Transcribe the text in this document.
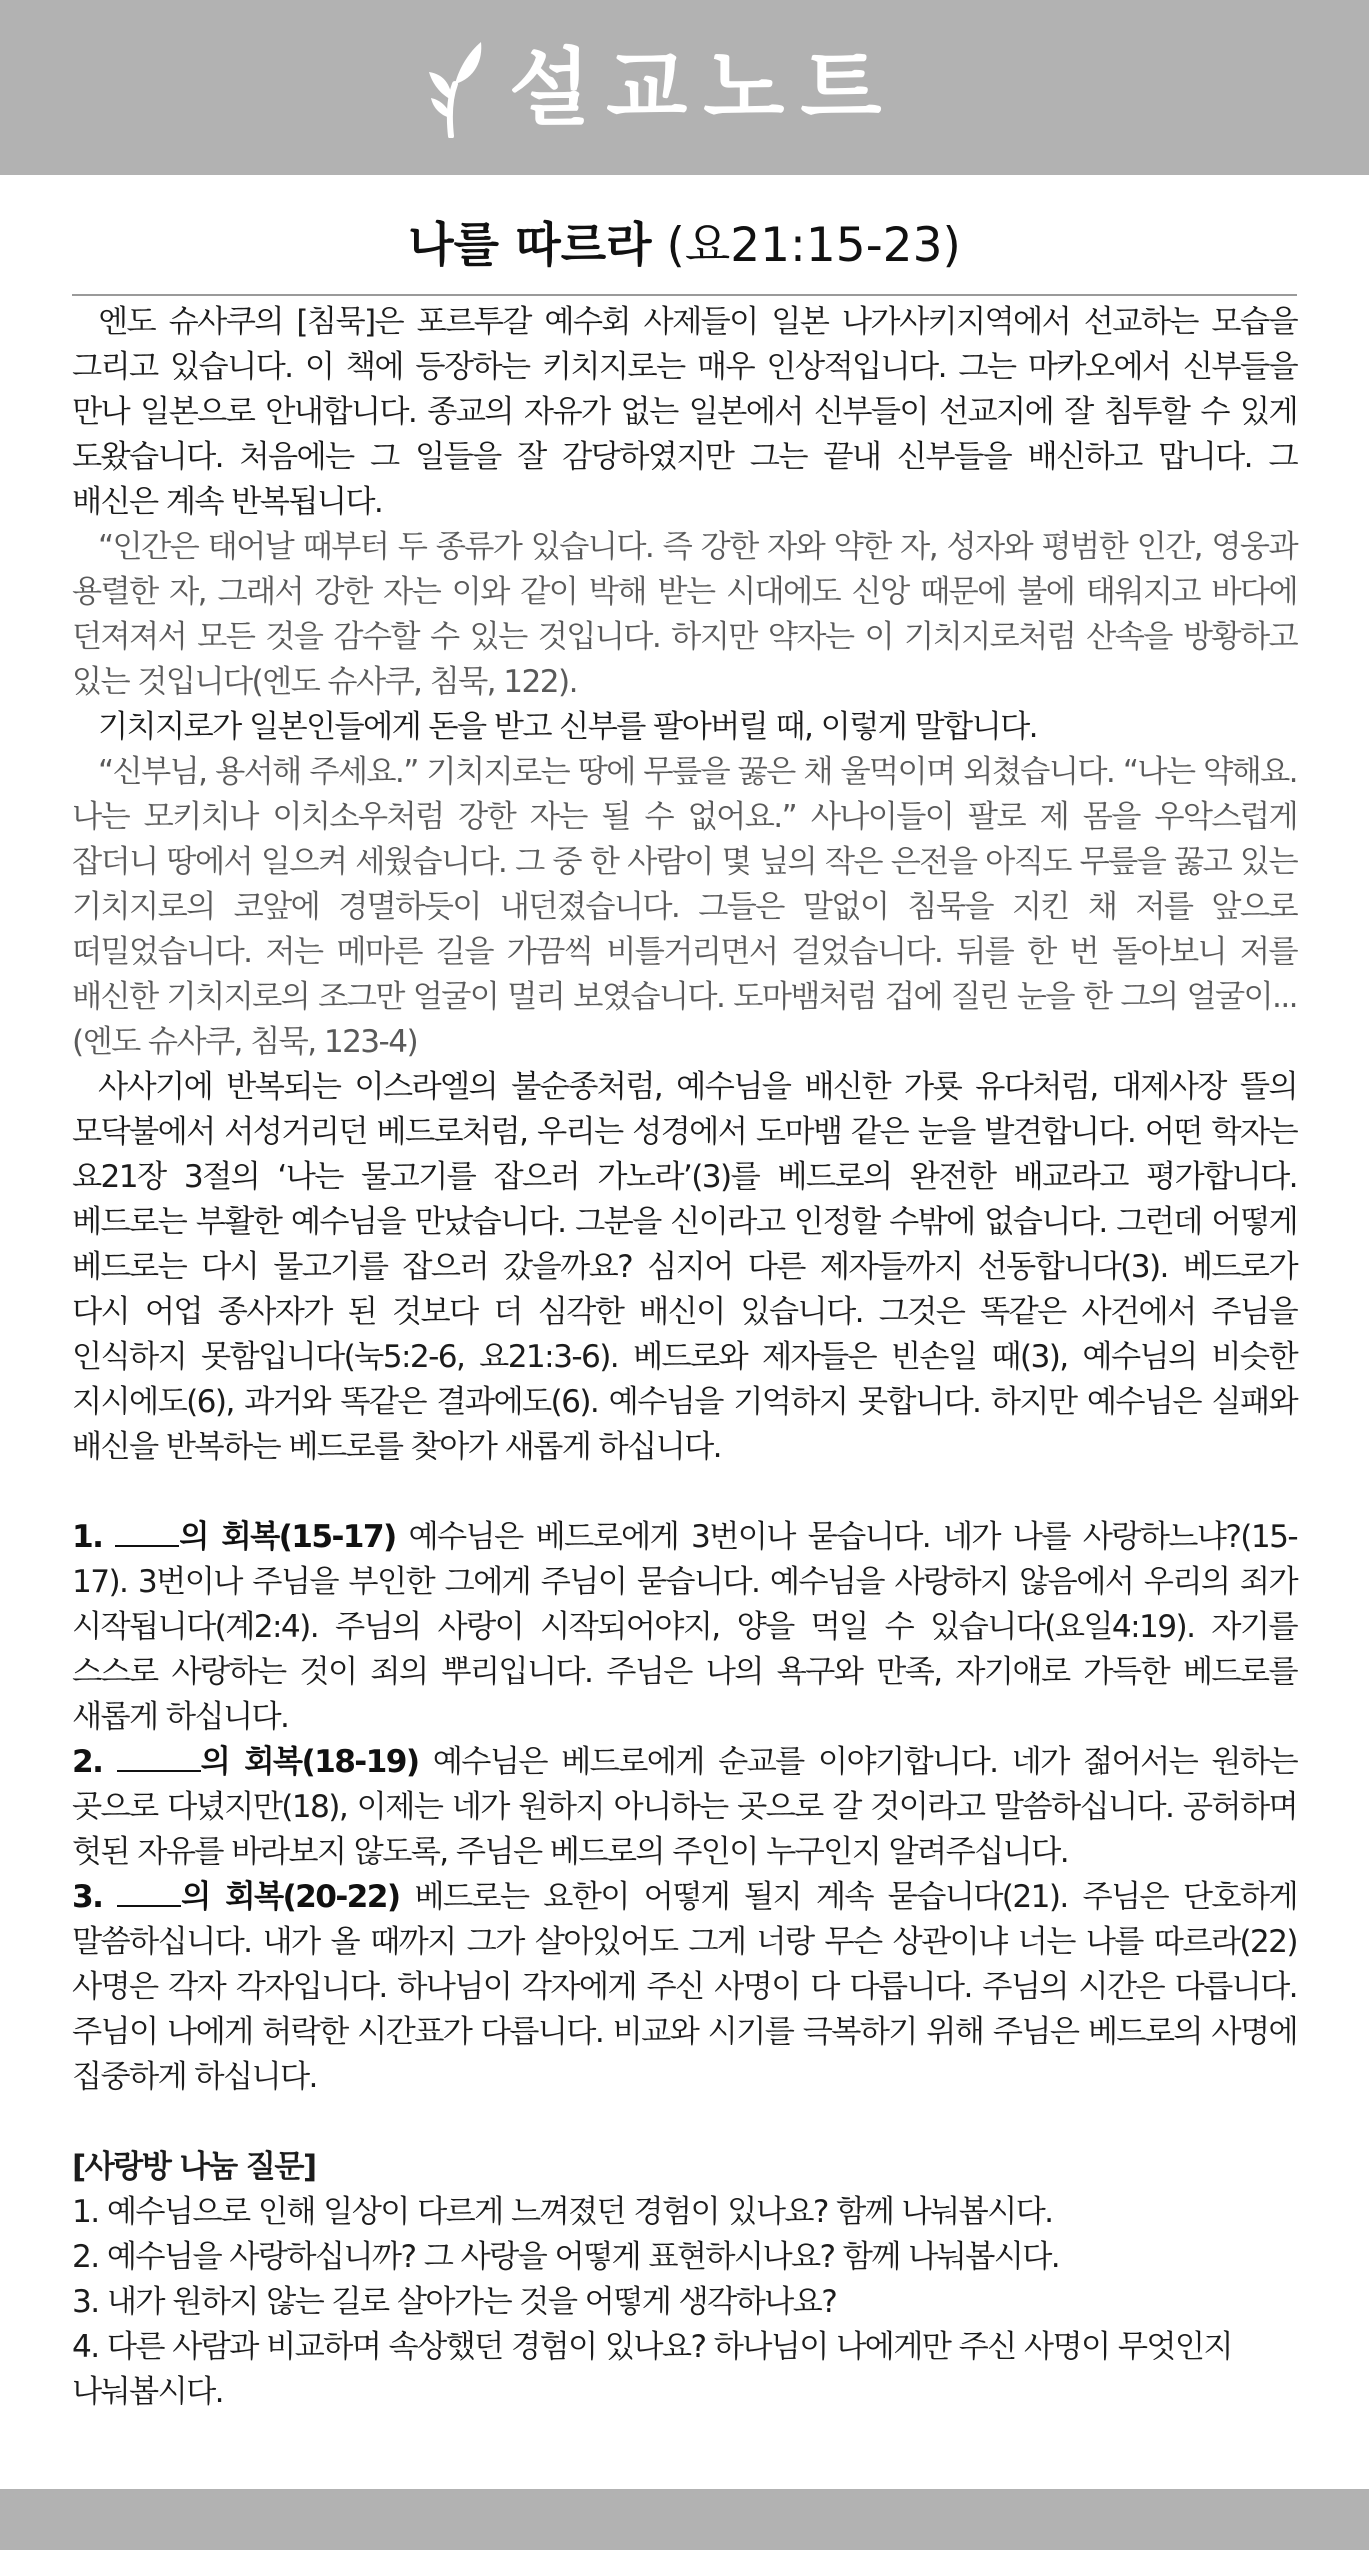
설교노트
나를 따르라 (요21:15-23)

엔도 슈사쿠의 [침묵]은 포르투갈 예수회 사제들이 일본 나가사키지역에서 선교하는 모습을 그리고 있습니다. 이 책에 등장하는 키치지로는 매우 인상적입니다. 그는 마카오에서 신부들을 만나 일본으로 안내합니다. 종교의 자유가 없는 일본에서 신부들이 선교지에 잘 침투할 수 있게 도왔습니다. 처음에는 그 일들을 잘 감당하였지만 그는 끝내 신부들을 배신하고 맙니다. 그 배신은 계속 반복됩니다.

“인간은 태어날 때부터 두 종류가 있습니다. 즉 강한 자와 약한 자, 성자와 평범한 인간, 영웅과 용렬한 자, 그래서 강한 자는 이와 같이 박해 받는 시대에도 신앙 때문에 불에 태워지고 바다에 던져져서 모든 것을 감수할 수 있는 것입니다. 하지만 약자는 이 기치지로처럼 산속을 방황하고 있는 것입니다(엔도 슈사쿠, 침묵, 122).

기치지로가 일본인들에게 돈을 받고 신부를 팔아버릴 때, 이렇게 말합니다.

“신부님, 용서해 주세요.” 기치지로는 땅에 무릎을 꿇은 채 울먹이며 외쳤습니다. “나는 약해요. 나는 모키치나 이치소우처럼 강한 자는 될 수 없어요.” 사나이들이 팔로 제 몸을 우악스럽게 잡더니 땅에서 일으켜 세웠습니다. 그 중 한 사람이 몇 닢의 작은 은전을 아직도 무릎을 꿇고 있는 기치지로의 코앞에 경멸하듯이 내던졌습니다. 그들은 말없이 침묵을 지킨 채 저를 앞으로 떠밀었습니다. 저는 메마른 길을 가끔씩 비틀거리면서 걸었습니다. 뒤를 한 번 돌아보니 저를 배신한 기치지로의 조그만 얼굴이 멀리 보였습니다. 도마뱀처럼 겁에 질린 눈을 한 그의 얼굴이...(엔도 슈사쿠, 침묵, 123-4)

사사기에 반복되는 이스라엘의 불순종처럼, 예수님을 배신한 가룟 유다처럼, 대제사장 뜰의 모닥불에서 서성거리던 베드로처럼, 우리는 성경에서 도마뱀 같은 눈을 발견합니다. 어떤 학자는 요21장 3절의 ‘나는 물고기를 잡으러 가노라’(3)를 베드로의 완전한 배교라고 평가합니다. 베드로는 부활한 예수님을 만났습니다. 그분을 신이라고 인정할 수밖에 없습니다. 그런데 어떻게 베드로는 다시 물고기를 잡으러 갔을까요? 심지어 다른 제자들까지 선동합니다(3). 베드로가 다시 어업 종사자가 된 것보다 더 심각한 배신이 있습니다. 그것은 똑같은 사건에서 주님을 인식하지 못함입니다(눅5:2-6, 요21:3-6). 베드로와 제자들은 빈손일 때(3), 예수님의 비슷한 지시에도(6), 과거와 똑같은 결과에도(6). 예수님을 기억하지 못합니다. 하지만 예수님은 실패와 배신을 반복하는 베드로를 찾아가 새롭게 하십니다.

1. 의 회복(15-17) 예수님은 베드로에게 3번이나 묻습니다. 네가 나를 사랑하느냐?(15-17). 3번이나 주님을 부인한 그에게 주님이 묻습니다. 예수님을 사랑하지 않음에서 우리의 죄가 시작됩니다(계2:4). 주님의 사랑이 시작되어야지, 양을 먹일 수 있습니다(요일4:19). 자기를 스스로 사랑하는 것이 죄의 뿌리입니다. 주님은 나의 욕구와 만족, 자기애로 가득한 베드로를 새롭게 하십니다.

2.	의 회복(18-19) 예수님은 베드로에게 순교를 이야기합니다. 네가 젊어서는 원하는 곳으로 다녔지만(18), 이제는 네가 원하지 아니하는 곳으로 갈 것이라고 말씀하십니다. 공허하며 헛된 자유를 바라보지 않도록, 주님은 베드로의 주인이 누구인지 알려주십니다.

3.	의 회복(20-22) 베드로는 요한이 어떻게 될지 계속 묻습니다(21). 주님은 단호하게 말씀하십니다. 내가 올 때까지 그가 살아있어도 그게 너랑 무슨 상관이냐 너는 나를 따르라(22) 사명은 각자 각자입니다. 하나님이 각자에게 주신 사명이 다 다릅니다. 주님의 시간은 다릅니다. 주님이 나에게 허락한 시간표가 다릅니다. 비교와 시기를 극복하기 위해 주님은 베드로의 사명에 집중하게 하십니다.

[사랑방 나눔 질문]

1. 예수님으로 인해 일상이 다르게 느껴졌던 경험이 있나요? 함께 나눠봅시다.

2. 예수님을 사랑하십니까? 그 사랑을 어떻게 표현하시나요? 함께 나눠봅시다.

3. 내가 원하지 않는 길로 살아가는 것을 어떻게 생각하나요?

4. 다른 사람과 비교하며 속상했던 경험이 있나요? 하나님이 나에게만 주신 사명이 무엇인지 나눠봅시다.
